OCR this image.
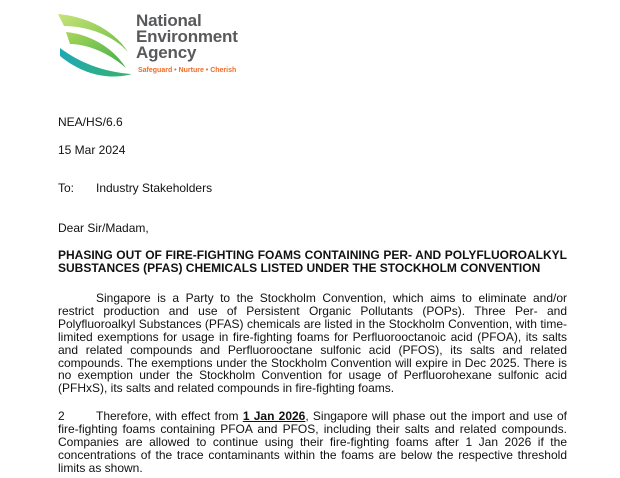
National
Environment
Agency
Safeguard • Nurture • Cherish
NEA/HS/6.6
15 Mar 2024
To: Industry Stakeholders
Dear Sir/Madam,
PHASING OUT OF FIRE-FIGHTING FOAMS CONTAINING PER- AND POLYFLUOROALKYL SUBSTANCES (PFAS) CHEMICALS LISTED UNDER THE STOCKHOLM CONVENTION
Singapore is a Party to the Stockholm Convention, which aims to eliminate and/or restrict production and use of Persistent Organic Pollutants (POPs). Three Per- and Polyfluoroalkyl Substances (PFAS) chemicals are listed in the Stockholm Convention, with time-limited exemptions for usage in fire-fighting foams for Perfluorooctanoic acid (PFOA), its salts and related compounds and Perfluorooctane sulfonic acid (PFOS), its salts and related compounds. The exemptions under the Stockholm Convention will expire in Dec 2025. There is no exemption under the Stockholm Convention for usage of Perfluorohexane sulfonic acid (PFHxS), its salts and related compounds in fire-fighting foams.
2	Therefore, with effect from 1 Jan 2026, Singapore will phase out the import and use of fire-fighting foams containing PFOA and PFOS, including their salts and related compounds. Companies are allowed to continue using their fire-fighting foams after 1 Jan 2026 if the concentrations of the trace contaminants within the foams are below the respective threshold limits as shown.
